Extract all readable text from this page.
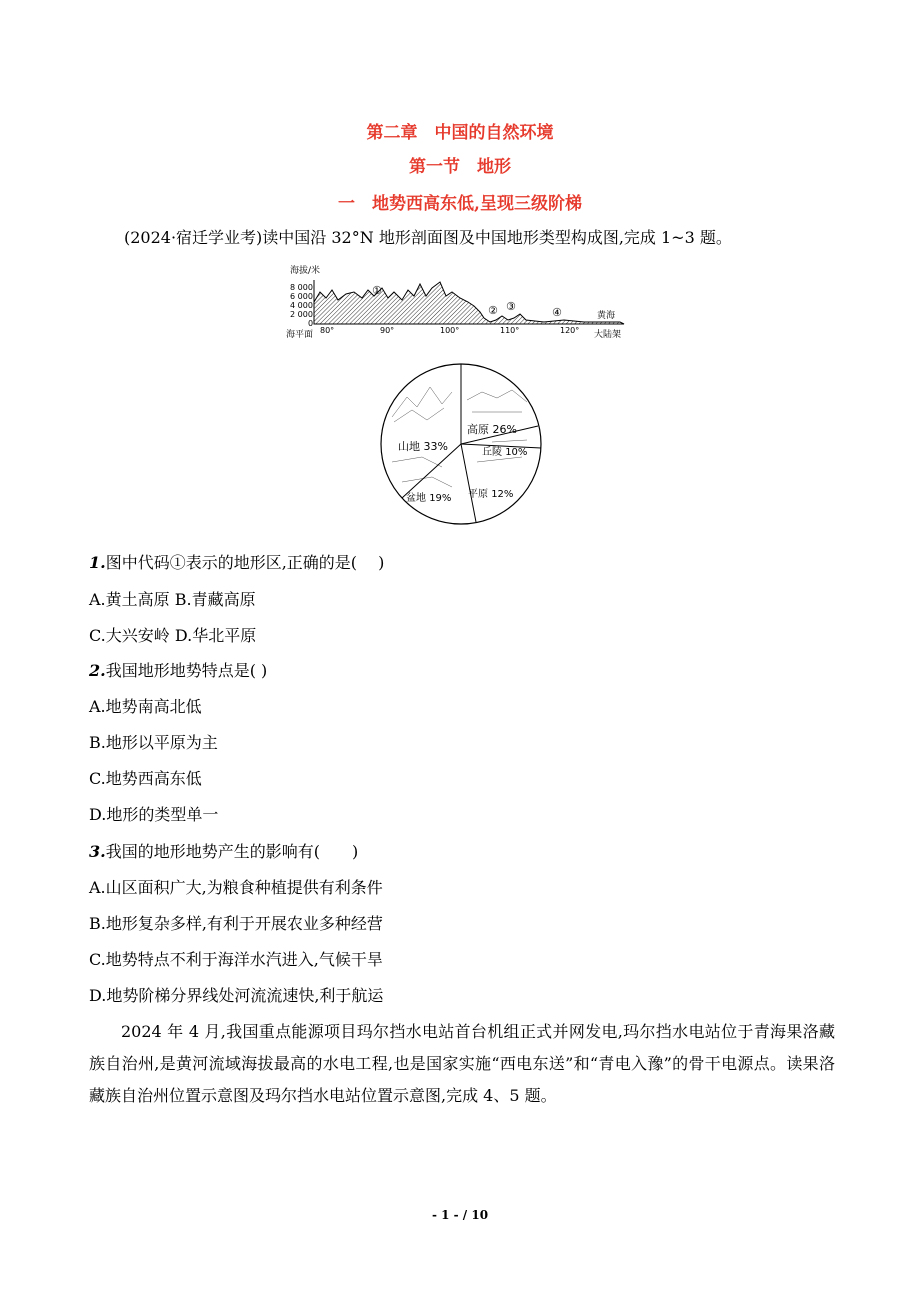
第二章　中国的自然环境
第一节　地形
一　地势西高东低,呈现三级阶梯
(2024·宿迁学业考)读中国沿 32°N 地形剖面图及中国地形类型构成图,完成 1~3 题。
海拔/米
8 000
6 000
4 000
2 000
0
海平面
①
② ③	④	黄海
80°	90°	100°	110°	120° 大陆架
高原 26%
丘陵 10%
平原 12%
盆地 19%
山地 33%
1.图中代码①表示的地形区,正确的是(　 )
A.黄土高原 B.青藏高原
C.大兴安岭 D.华北平原
2.我国地形地势特点是( )
A.地势南高北低
B.地形以平原为主
C.地势西高东低
D.地形的类型单一
3.我国的地形地势产生的影响有(　　)
A.山区面积广大,为粮食种植提供有利条件
B.地形复杂多样,有利于开展农业多种经营
C.地势特点不利于海洋水汽进入,气候干旱
D.地势阶梯分界线处河流流速快,利于航运
2024 年 4 月,我国重点能源项目玛尔挡水电站首台机组正式并网发电,玛尔挡水电站位于青海果洛藏族自治州,是黄河流域海拔最高的水电工程,也是国家实施“西电东送”和“青电入豫”的骨干电源点。读果洛藏族自治州位置示意图及玛尔挡水电站位置示意图,完成 4、5 题。
- 1 - / 10
